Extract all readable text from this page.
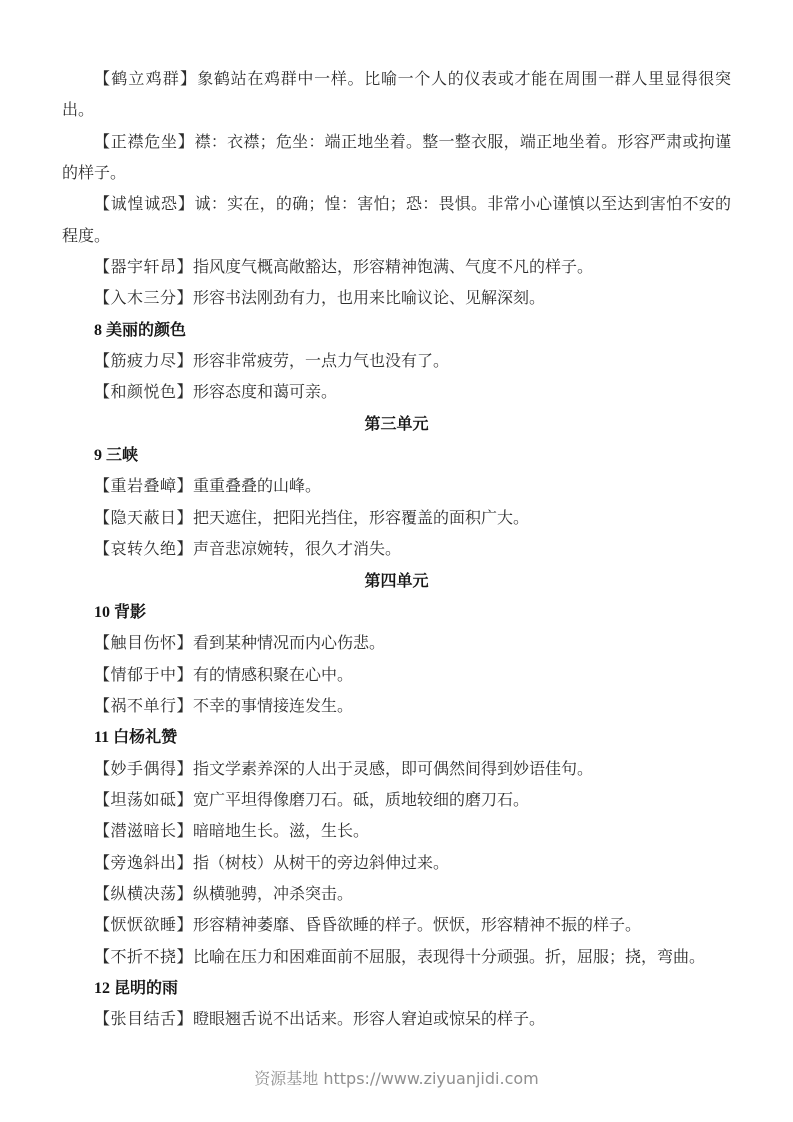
【鹤立鸡群】象鹤站在鸡群中一样。比喻一个人的仪表或才能在周围一群人里显得很突出。

【正襟危坐】襟：衣襟；危坐：端正地坐着。整一整衣服，端正地坐着。形容严肃或拘谨的样子。

【诚惶诚恐】诚：实在，的确；惶：害怕；恐：畏惧。非常小心谨慎以至达到害怕不安的程度。

【器宇轩昂】指风度气概高敞豁达，形容精神饱满、气度不凡的样子。

【入木三分】形容书法刚劲有力，也用来比喻议论、见解深刻。

8 美丽的颜色

【筋疲力尽】形容非常疲劳，一点力气也没有了。

【和颜悦色】形容态度和蔼可亲。

第三单元

9 三峡

【重岩叠嶂】重重叠叠的山峰。

【隐天蔽日】把天遮住，把阳光挡住，形容覆盖的面积广大。

【哀转久绝】声音悲凉婉转，很久才消失。

第四单元

10 背影

【触目伤怀】看到某种情况而内心伤悲。

【情郁于中】有的情感积聚在心中。

【祸不单行】不幸的事情接连发生。

11 白杨礼赞

【妙手偶得】指文学素养深的人出于灵感，即可偶然间得到妙语佳句。

【坦荡如砥】宽广平坦得像磨刀石。砥，质地较细的磨刀石。

【潜滋暗长】暗暗地生长。滋，生长。

【旁逸斜出】指（树枝）从树干的旁边斜伸过来。

【纵横决荡】纵横驰骋，冲杀突击。

【恹恹欲睡】形容精神萎靡、昏昏欲睡的样子。恹恹，形容精神不振的样子。

【不折不挠】比喻在压力和困难面前不屈服，表现得十分顽强。折，屈服；挠，弯曲。

12 昆明的雨

【张目结舌】瞪眼翘舌说不出话来。形容人窘迫或惊呆的样子。

资源基地 https://www.ziyuanjidi.com
